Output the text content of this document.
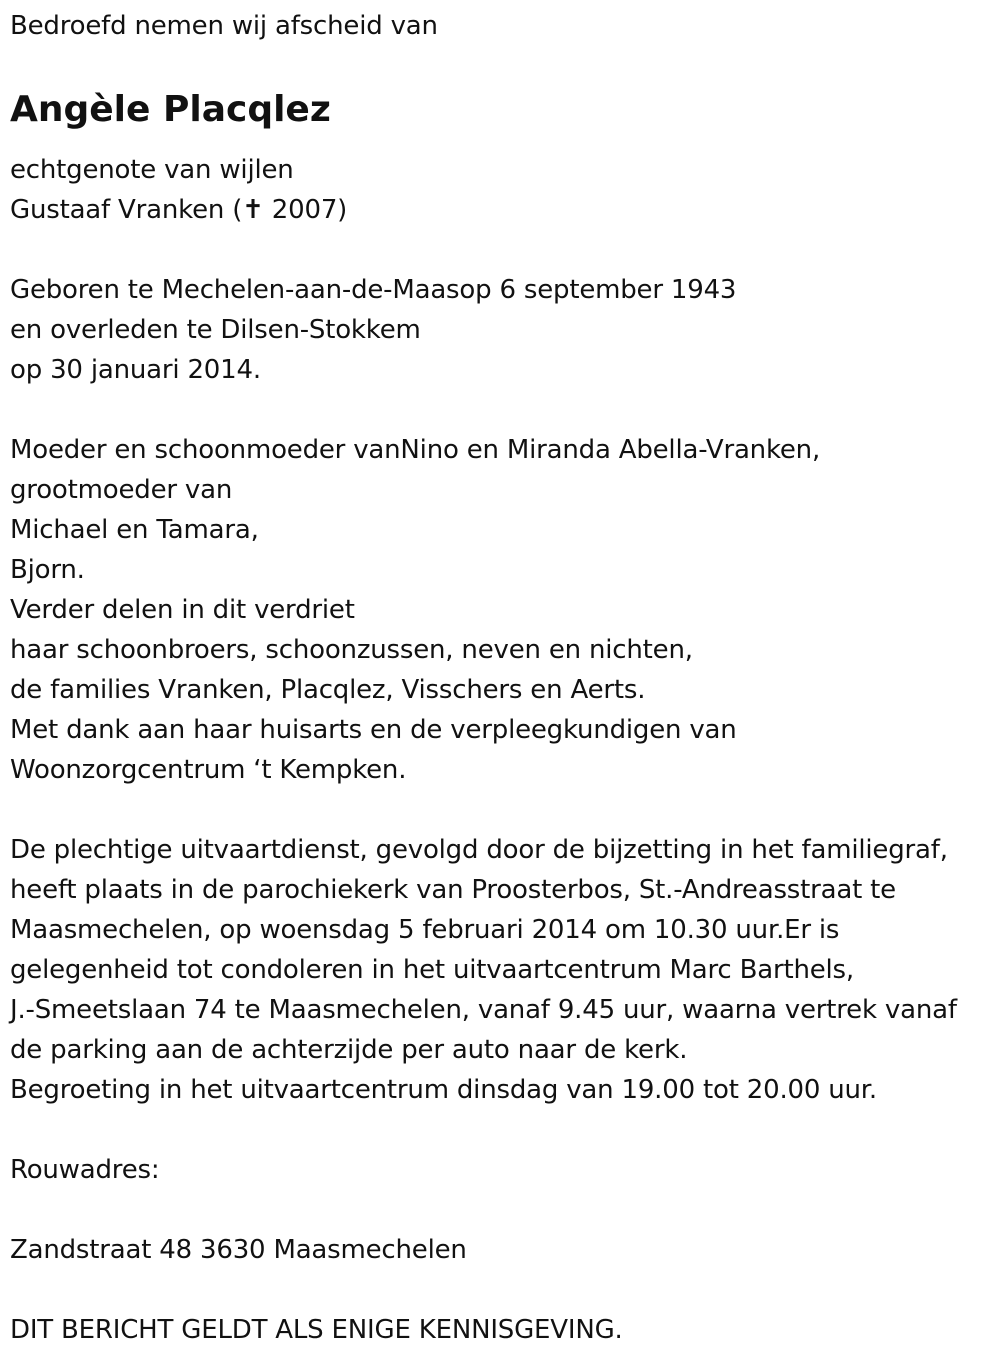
Bedroefd nemen wij afscheid van
Angèle Placqlez
echtgenote van wijlen
Gustaaf Vranken (✝ 2007)
Geboren te Mechelen-aan-de-Maasop 6 september 1943
en overleden te Dilsen-Stokkem
op 30 januari 2014.
Moeder en schoonmoeder vanNino en Miranda Abella-Vranken,
grootmoeder van
Michael en Tamara,
Bjorn.
Verder delen in dit verdriet
haar schoonbroers, schoonzussen, neven en nichten,
de families Vranken, Placqlez, Visschers en Aerts.
Met dank aan haar huisarts en de verpleegkundigen van
Woonzorgcentrum ‘t Kempken.
De plechtige uitvaartdienst, gevolgd door de bijzetting in het familiegraf,
heeft plaats in de parochiekerk van Proosterbos, St.-Andreasstraat te
Maasmechelen, op woensdag 5 februari 2014 om 10.30 uur.Er is
gelegenheid tot condoleren in het uitvaartcentrum Marc Barthels,
J.-Smeetslaan 74 te Maasmechelen, vanaf 9.45 uur, waarna vertrek vanaf
de parking aan de achterzijde per auto naar de kerk.
Begroeting in het uitvaartcentrum dinsdag van 19.00 tot 20.00 uur.
Rouwadres:
Zandstraat 48 3630 Maasmechelen
DIT BERICHT GELDT ALS ENIGE KENNISGEVING.
